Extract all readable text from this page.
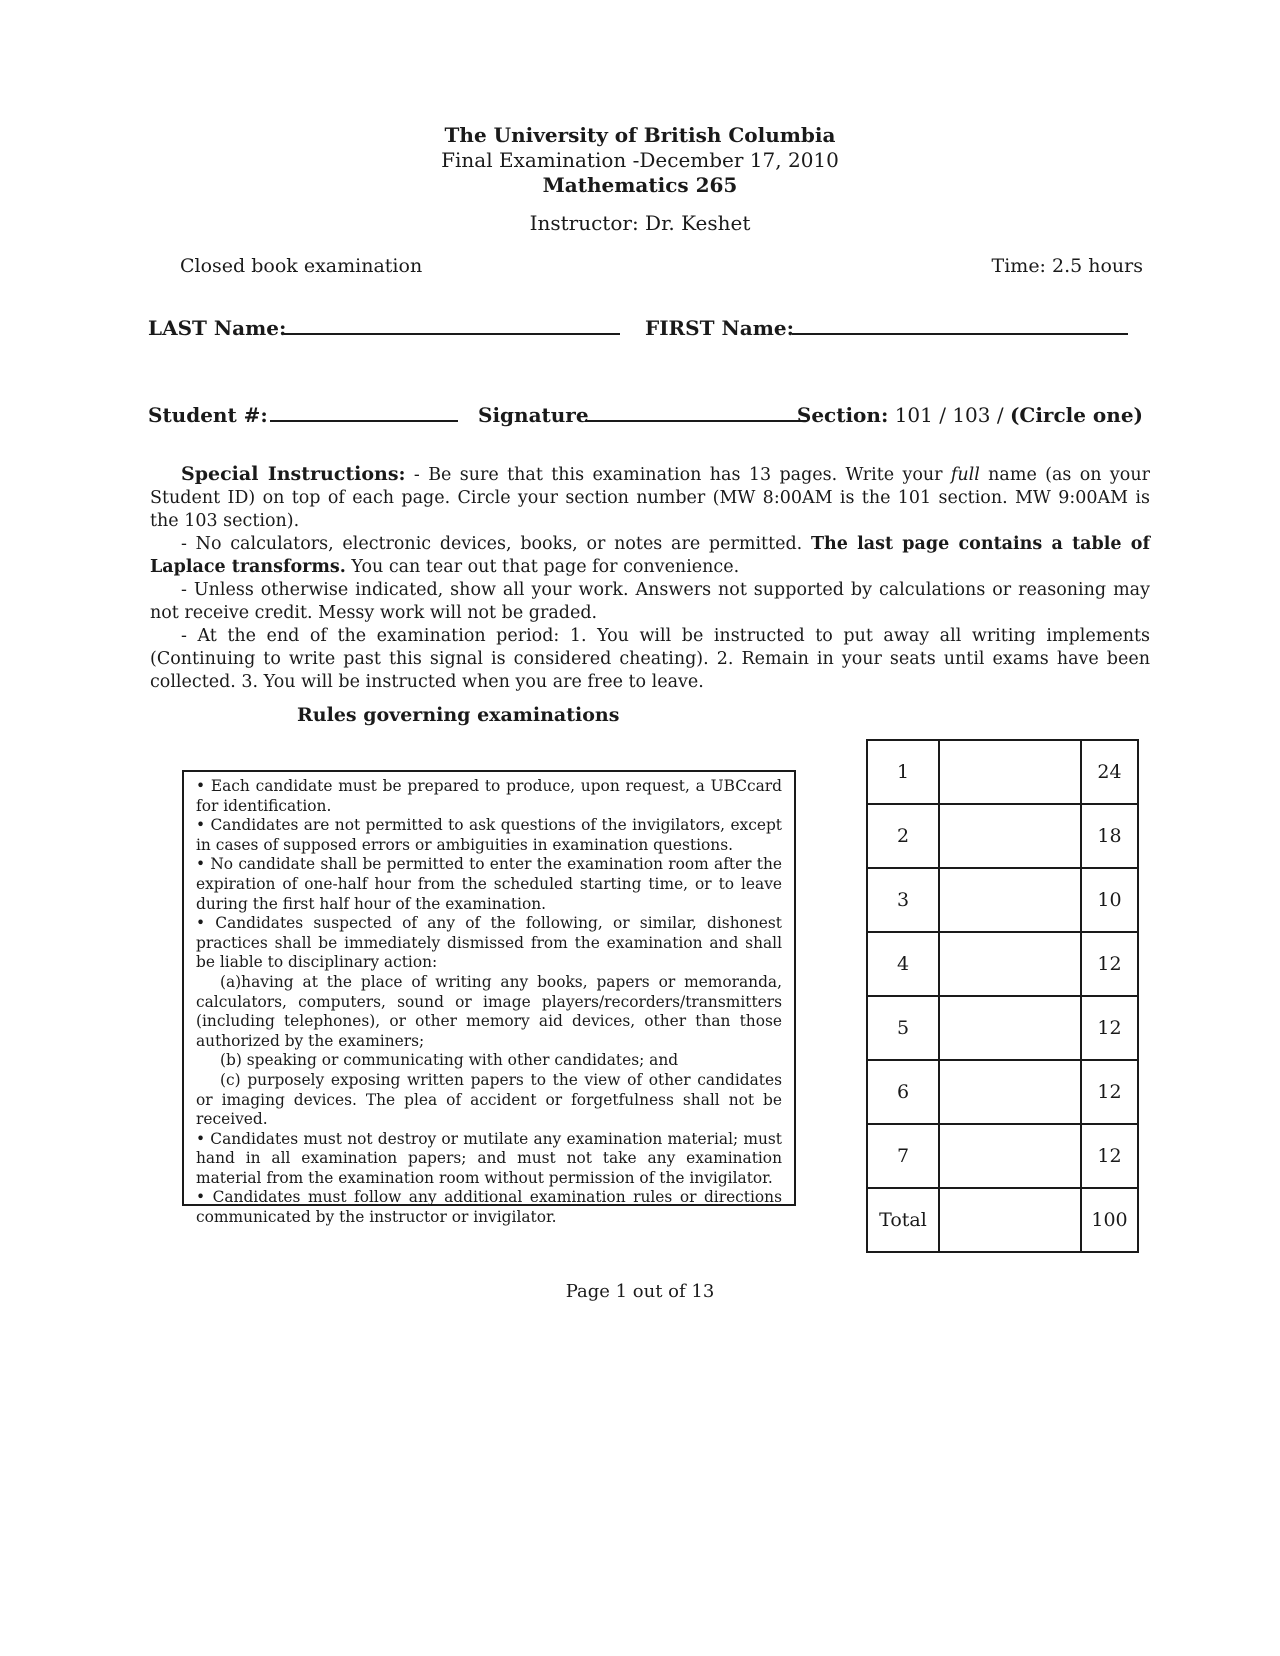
The University of British Columbia
Final Examination -December 17, 2010
Mathematics 265
Instructor: Dr. Keshet
Closed book examination	Time: 2.5 hours
LAST Name:	FIRST Name:
Student #:	Signature	Section: 101 / 103 / (Circle one)

Special Instructions: - Be sure that this examination has 13 pages. Write your full name (as on your Student ID) on top of each page. Circle your section number (MW 8:00AM is the 101 section. MW 9:00AM is the 103 section).

- No calculators, electronic devices, books, or notes are permitted. The last page contains a table of Laplace transforms. You can tear out that page for convenience.

- Unless otherwise indicated, show all your work. Answers not supported by calculations or reasoning may not receive credit. Messy work will not be graded.

- At the end of the examination period: 1. You will be instructed to put away all writing implements (Continuing to write past this signal is considered cheating). 2. Remain in your seats until exams have been collected. 3. You will be instructed when you are free to leave.

Rules governing examinations

• Each candidate must be prepared to produce, upon request, a UBCcard for identification.

• Candidates are not permitted to ask questions of the invigilators, except in cases of supposed errors or ambiguities in examination questions.

• No candidate shall be permitted to enter the examination room after the expiration of one-half hour from the scheduled starting time, or to leave during the first half hour of the examination.

• Candidates suspected of any of the following, or similar, dishonest practices shall be immediately dismissed from the examination and shall be liable to disciplinary action:

(a)having at the place of writing any books, papers or memoranda, calculators, computers, sound or image players/recorders/transmitters (including telephones), or other memory aid devices, other than those authorized by the examiners;

(b) speaking or communicating with other candidates; and

(c) purposely exposing written papers to the view of other candidates or imaging devices. The plea of accident or forgetfulness shall not be received.

• Candidates must not destroy or mutilate any examination material; must hand in all examination papers; and must not take any examination material from the examination room without permission of the invigilator.

• Candidates must follow any additional examination rules or directions communicated by the instructor or invigilator.

1		24
2		18
3		10
4		12
5		12
6		12
7		12
Total		100
Page 1 out of 13
